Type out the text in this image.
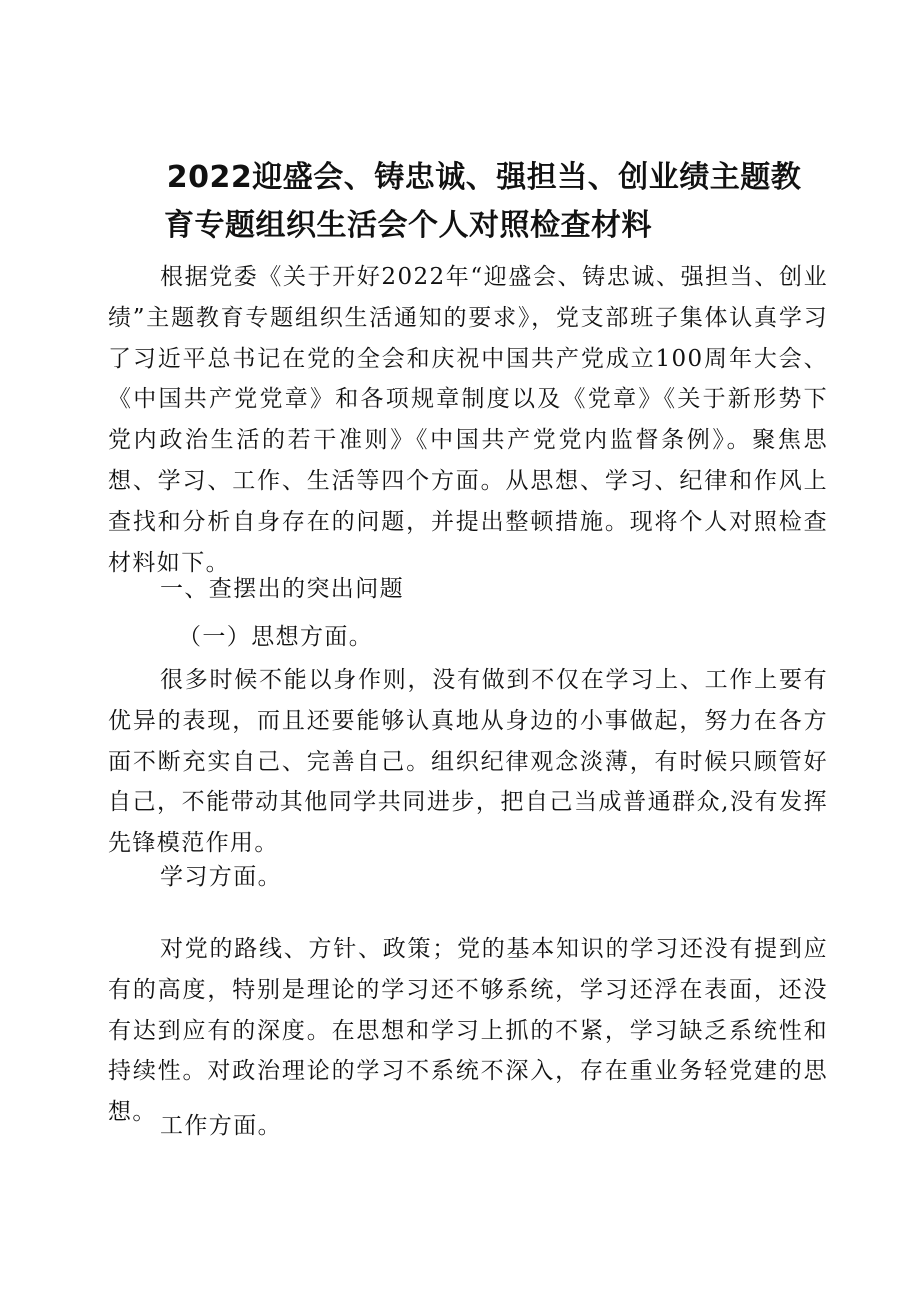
2022迎盛会、铸忠诚、强担当、创业绩主题教
育专题组织生活会个人对照检查材料

根据党委《关于开好2022年“迎盛会、铸忠诚、强担当、创业绩”主题教育专题组织生活通知的要求》，党支部班子集体认真学习了习近平总书记在党的全会和庆祝中国共产党成立100周年大会、《中国共产党党章》和各项规章制度以及《党章》《关于新形势下党内政治生活的若干准则》《中国共产党党内监督条例》。聚焦思想、学习、工作、生活等四个方面。从思想、学习、纪律和作风上查找和分析自身存在的问题，并提出整顿措施。现将个人对照检查材料如下。

一、查摆出的突出问题

（一）思想方面。

很多时候不能以身作则，没有做到不仅在学习上、工作上要有优异的表现，而且还要能够认真地从身边的小事做起，努力在各方面不断充实自己、完善自己。组织纪律观念淡薄，有时候只顾管好自己，不能带动其他同学共同进步，把自己当成普通群众,没有发挥先锋模范作用。

学习方面。

对党的路线、方针、政策；党的基本知识的学习还没有提到应有的高度，特别是理论的学习还不够系统，学习还浮在表面，还没有达到应有的深度。在思想和学习上抓的不紧，学习缺乏系统性和持续性。对政治理论的学习不系统不深入，存在重业务轻党建的思想。

工作方面。
